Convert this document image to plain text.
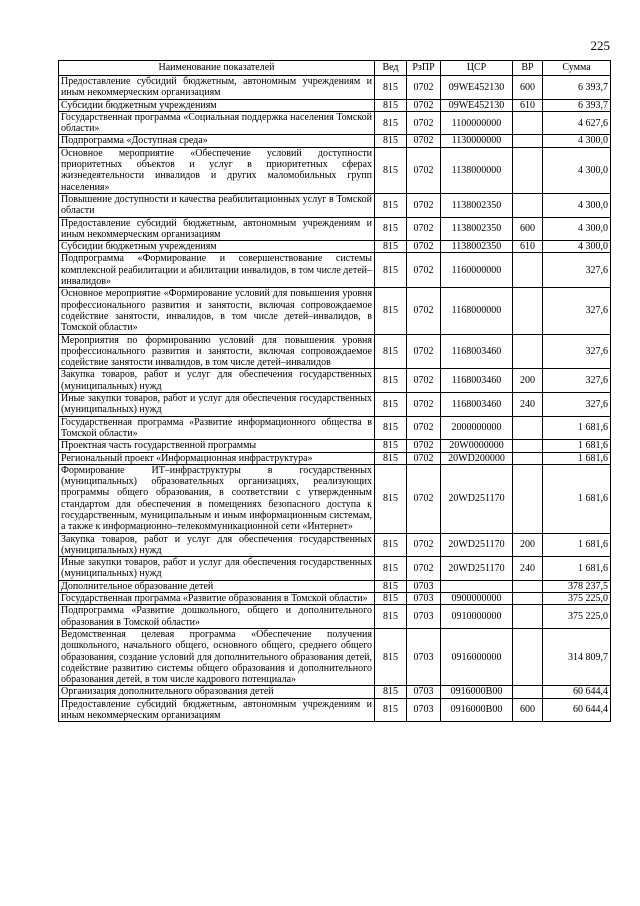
225
Наименование показателей	Вед	РзПР	ЦСР	ВР	Сумма
Предоставление субсидий бюджетным, автономным учреждениям и иным некоммерческим организациям	815	0702	09WE452130	600	6 393,7
Субсидии бюджетным учреждениям	815	0702	09WE452130	610	6 393,7
Государственная программа «Социальная поддержка населения Томской области»	815	0702	1100000000		4 627,6
Подпрограмма «Доступная среда»	815	0702	1130000000		4 300,0
Основное мероприятие «Обеспечение условий доступности приоритетных объектов и услуг в приоритетных сферах жизнедеятельности инвалидов и других маломобильных групп населения»	815	0702	1138000000		4 300,0
Повышение доступности и качества реабилитационных услуг в Томской области	815	0702	1138002350		4 300,0
Предоставление субсидий бюджетным, автономным учреждениям и иным некоммерческим организациям	815	0702	1138002350	600	4 300,0
Субсидии бюджетным учреждениям	815	0702	1138002350	610	4 300,0
Подпрограмма «Формирование и совершенствование системы комплексной реабилитации и абилитации инвалидов, в том числе детей–инвалидов»	815	0702	1160000000		327,6
Основное мероприятие «Формирование условий для повышения уровня профессионального развития и занятости, включая сопровождаемое содействие занятости, инвалидов, в том числе детей–инвалидов, в Томской области»	815	0702	1168000000		327,6
Мероприятия по формированию условий для повышения уровня профессионального развития и занятости, включая сопровождаемое содействие занятости инвалидов, в том числе детей–инвалидов	815	0702	1168003460		327,6
Закупка товаров, работ и услуг для обеспечения государственных (муниципальных) нужд	815	0702	1168003460	200	327,6
Иные закупки товаров, работ и услуг для обеспечения государственных (муниципальных) нужд	815	0702	1168003460	240	327,6
Государственная программа «Развитие информационного общества в Томской области»	815	0702	2000000000		1 681,6
Проектная часть государственной программы	815	0702	20W0000000		1 681,6
Региональный проект «Информационная инфраструктура»	815	0702	20WD200000		1 681,6
Формирование ИТ–инфраструктуры в государственных (муниципальных) образовательных организациях, реализующих программы общего образования, в соответствии с утвержденным стандартом для обеспечения в помещениях безопасного доступа к государственным, муниципальным и иным информационным системам, а также к информационно–телекоммуникационной сети «Интернет»	815	0702	20WD251170		1 681,6
Закупка товаров, работ и услуг для обеспечения государственных (муниципальных) нужд	815	0702	20WD251170	200	1 681,6
Иные закупки товаров, работ и услуг для обеспечения государственных (муниципальных) нужд	815	0702	20WD251170	240	1 681,6
Дополнительное образование детей	815	0703			378 237,5
Государственная программа «Развитие образования в Томской области»	815	0703	0900000000		375 225,0
Подпрограмма «Развитие дошкольного, общего и дополнительного образования в Томской области»	815	0703	0910000000		375 225,0
Ведомственная целевая программа «Обеспечение получения дошкольного, начального общего, основного общего, среднего общего образования, создание условий для дополнительного образования детей, содействие развитию системы общего образования и дополнительного образования детей, в том числе кадрового потенциала»	815	0703	0916000000		314 809,7
Организация дополнительного образования детей	815	0703	0916000В00		60 644,4
Предоставление субсидий бюджетным, автономным учреждениям и иным некоммерческим организациям	815	0703	0916000В00	600	60 644,4
